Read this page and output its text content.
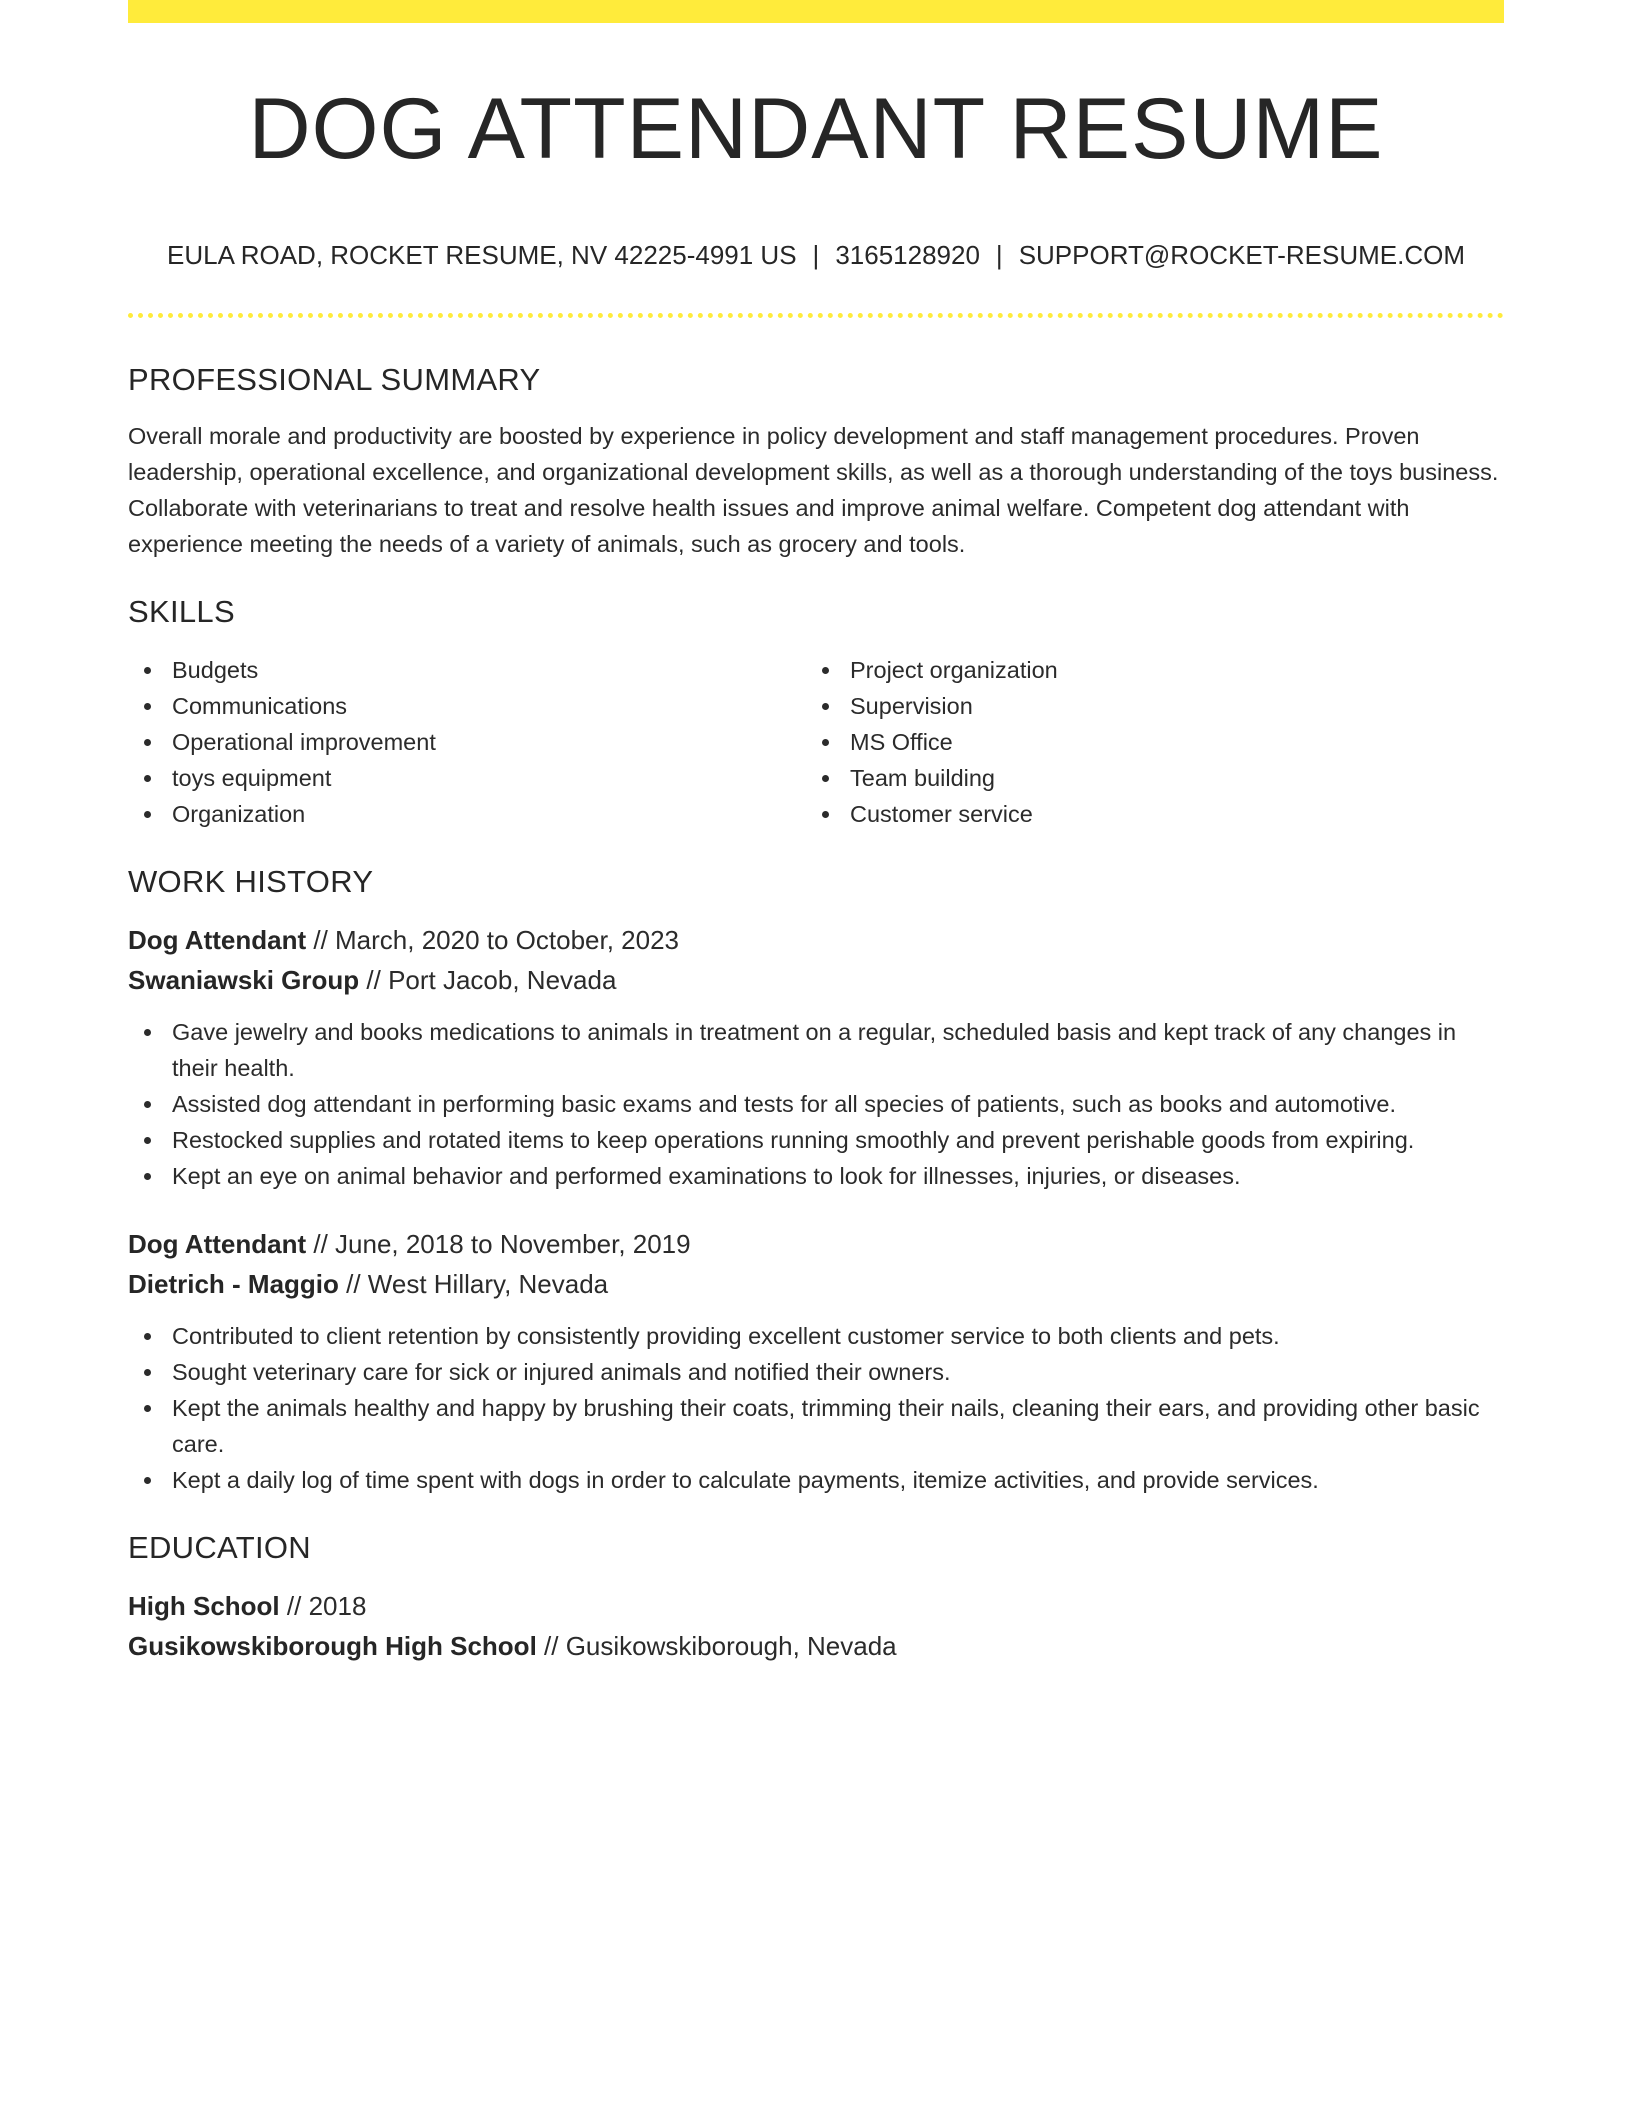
DOG ATTENDANT RESUME
EULA ROAD, ROCKET RESUME, NV 42225-4991 US | 3165128920 | SUPPORT@ROCKET-RESUME.COM
PROFESSIONAL SUMMARY

Overall morale and productivity are boosted by experience in policy development and staff management procedures. Proven leadership, operational excellence, and organizational development skills, as well as a thorough understanding of the toys business. Collaborate with veterinarians to treat and resolve health issues and improve animal welfare. Competent dog attendant with experience meeting the needs of a variety of animals, such as grocery and tools.

SKILLS
Budgets
Communications
Operational improvement
toys equipment
Organization
Project organization
Supervision
MS Office
Team building
Customer service
WORK HISTORY
Dog Attendant // March, 2020 to October, 2023
Swaniawski Group // Port Jacob, Nevada
Gave jewelry and books medications to animals in treatment on a regular, scheduled basis and kept track of any changes in their health.
Assisted dog attendant in performing basic exams and tests for all species of patients, such as books and automotive.
Restocked supplies and rotated items to keep operations running smoothly and prevent perishable goods from expiring.
Kept an eye on animal behavior and performed examinations to look for illnesses, injuries, or diseases.
Dog Attendant // June, 2018 to November, 2019
Dietrich - Maggio // West Hillary, Nevada
Contributed to client retention by consistently providing excellent customer service to both clients and pets.
Sought veterinary care for sick or injured animals and notified their owners.
Kept the animals healthy and happy by brushing their coats, trimming their nails, cleaning their ears, and providing other basic care.
Kept a daily log of time spent with dogs in order to calculate payments, itemize activities, and provide services.
EDUCATION
High School // 2018
Gusikowskiborough High School // Gusikowskiborough, Nevada
